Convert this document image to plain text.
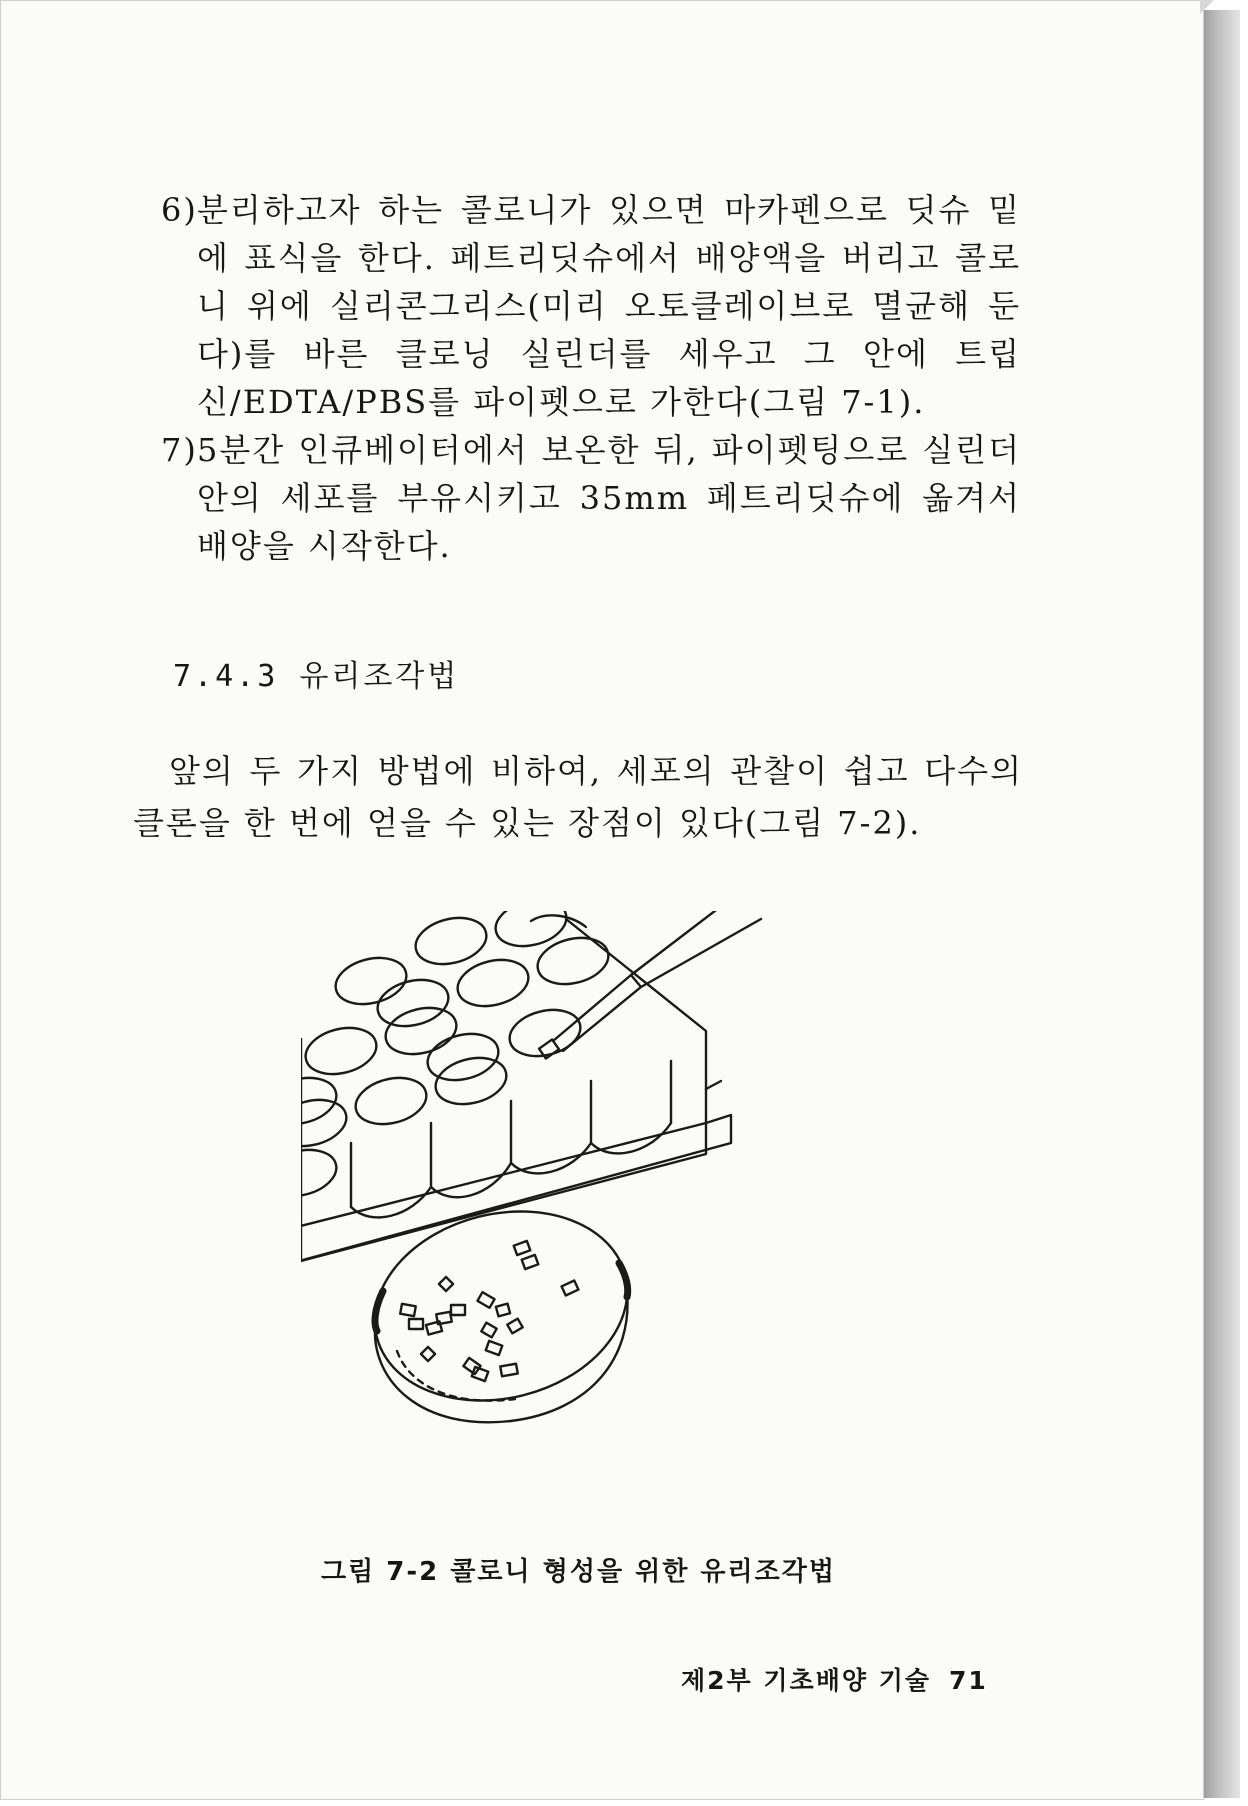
6) 분리하고자 하는 콜로니가 있으면 마카펜으로 딧슈 밑에 표식을 한다. 페트리딧슈에서 배양액을 버리고 콜로니 위에 실리콘그리스(미리 오토클레이브로 멸균해 둔다)를 바른 클로닝 실린더를 세우고 그 안에 트립신/EDTA/PBS를 파이펫으로 가한다(그림 7-1).
7) 5분간 인큐베이터에서 보온한 뒤, 파이펫팅으로 실린더 안의 세포를 부유시키고 35mm 페트리딧슈에 옮겨서 배양을 시작한다.
7.4.3 유리조각법

앞의 두 가지 방법에 비하여, 세포의 관찰이 쉽고 다수의 클론을 한 번에 얻을 수 있는 장점이 있다(그림 7-2).

그림 7-2 콜로니 형성을 위한 유리조각법
제2부 기초배양 기술 71
